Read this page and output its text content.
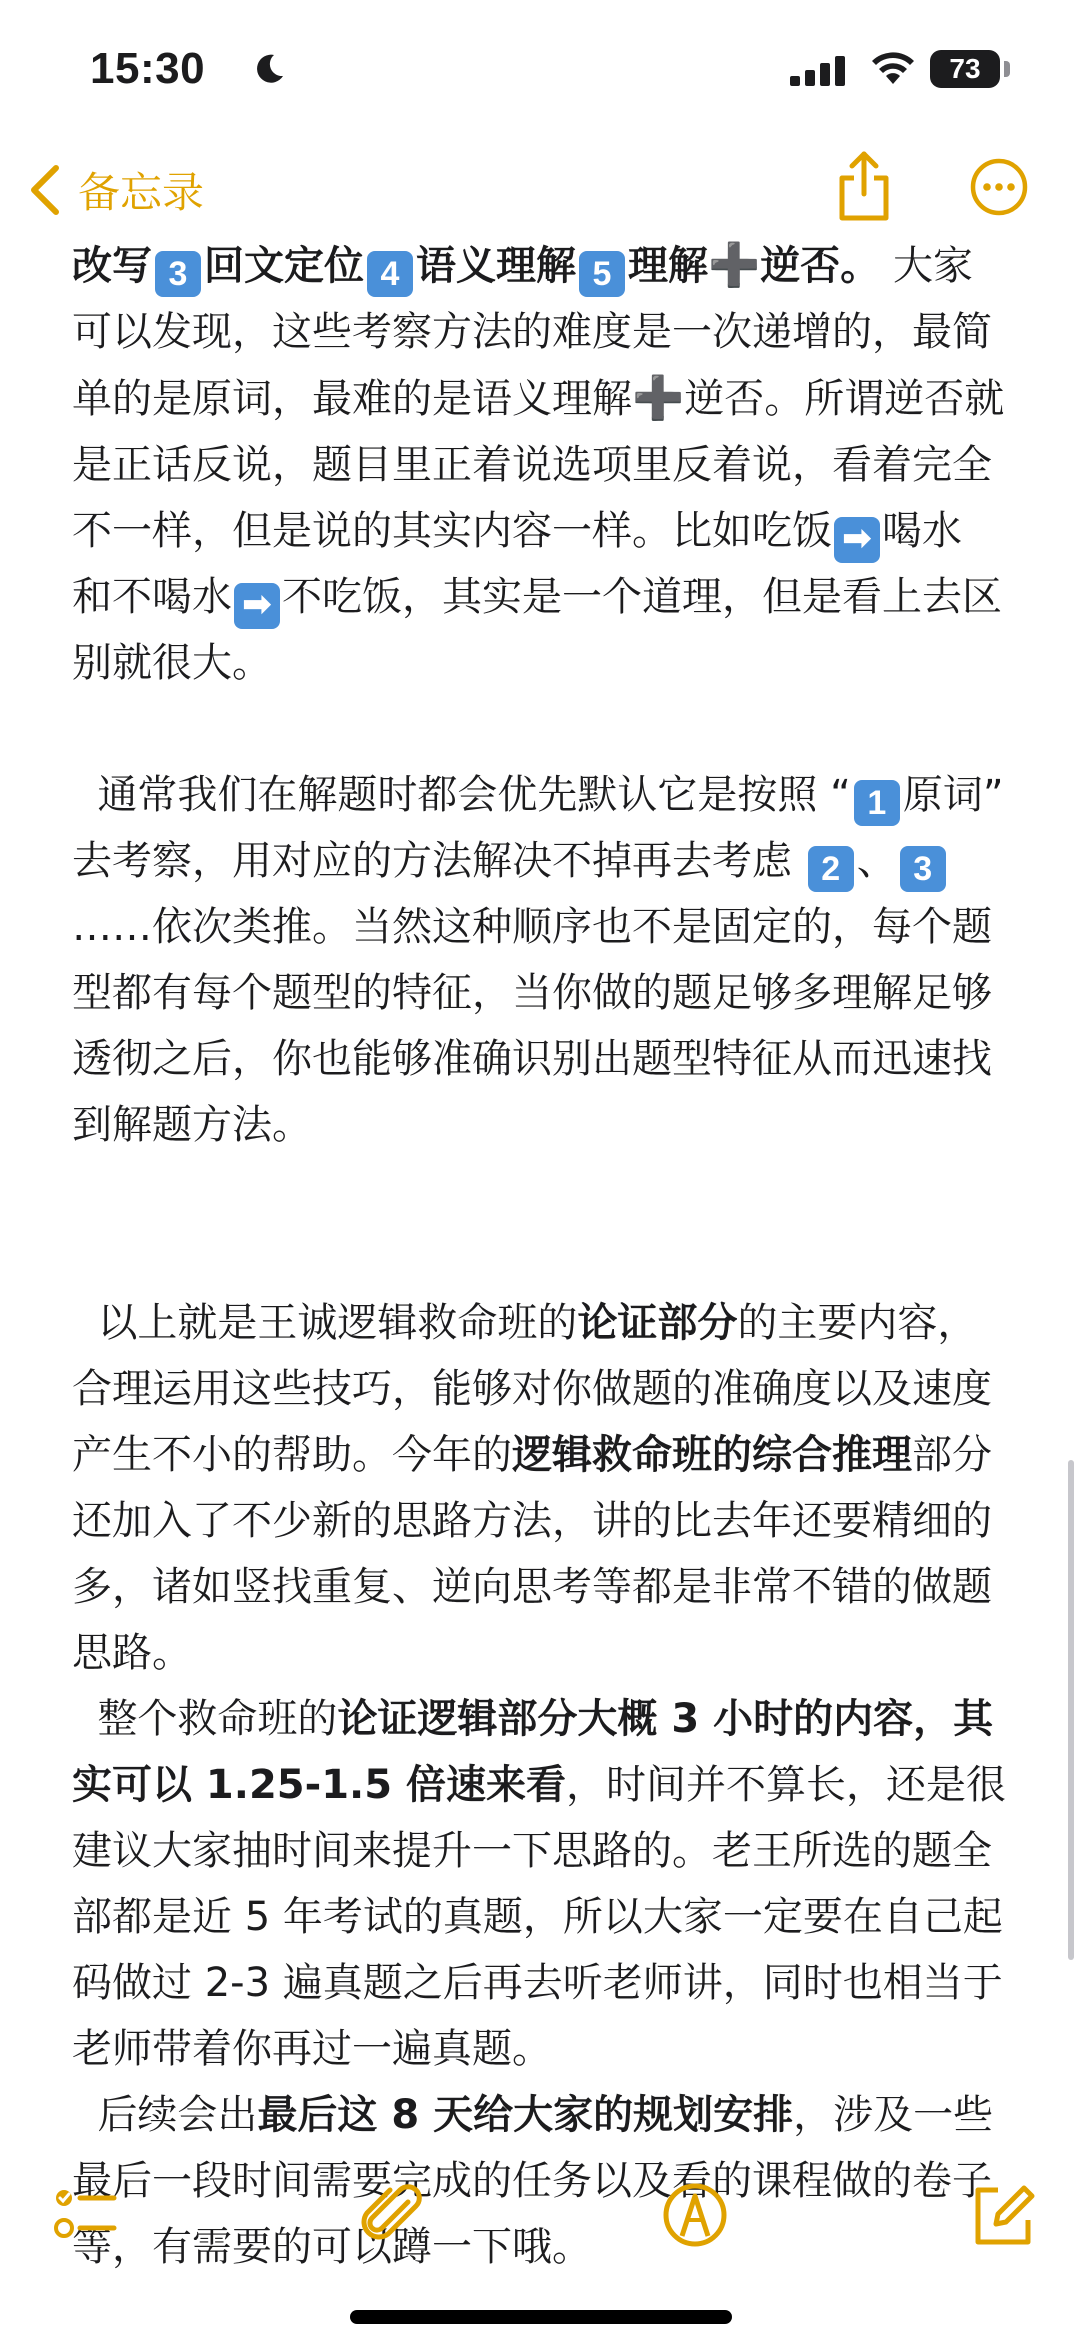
15:30	73
备忘录

改写 3 回文定位 4 语义理解 5 理解➕逆否。 大家可以发现，这些考察方法的难度是一次递增的，最简单的是原词，最难的是语义理解➕逆否。所谓逆否就是正话反说，题目里正着说选项里反着说，看着完全不一样，但是说的其实内容一样。比如吃饭 ➡ 喝水 和不喝水 ➡ 不吃饭，其实是一个道理，但是看上去区别就很大。

通常我们在解题时都会优先默认它是按照 “ 1 原词” 去考察，用对应的方法解决不掉再去考虑 2 、 3……依次类推。当然这种顺序也不是固定的，每个题型都有每个题型的特征，当你做的题足够多理解足够透彻之后，你也能够准确识别出题型特征从而迅速找到解题方法。

以上就是王诚逻辑救命班的论证部分的主要内容，合理运用这些技巧，能够对你做题的准确度以及速度产生不小的帮助。今年的逻辑救命班的综合推理部分还加入了不少新的思路方法，讲的比去年还要精细的多，诸如竖找重复、逆向思考等都是非常不错的做题思路。

整个救命班的论证逻辑部分大概 3 小时的内容，其实可以 1.25-1.5 倍速来看，时间并不算长，还是很建议大家抽时间来提升一下思路的。老王所选的题全部都是近 5 年考试的真题，所以大家一定要在自己起码做过 2-3 遍真题之后再去听老师讲，同时也相当于老师带着你再过一遍真题。

后续会出最后这 8 天给大家的规划安排，涉及一些最后一段时间需要完成的任务以及看的课程做的卷子等，有需要的可以蹲一下哦。
